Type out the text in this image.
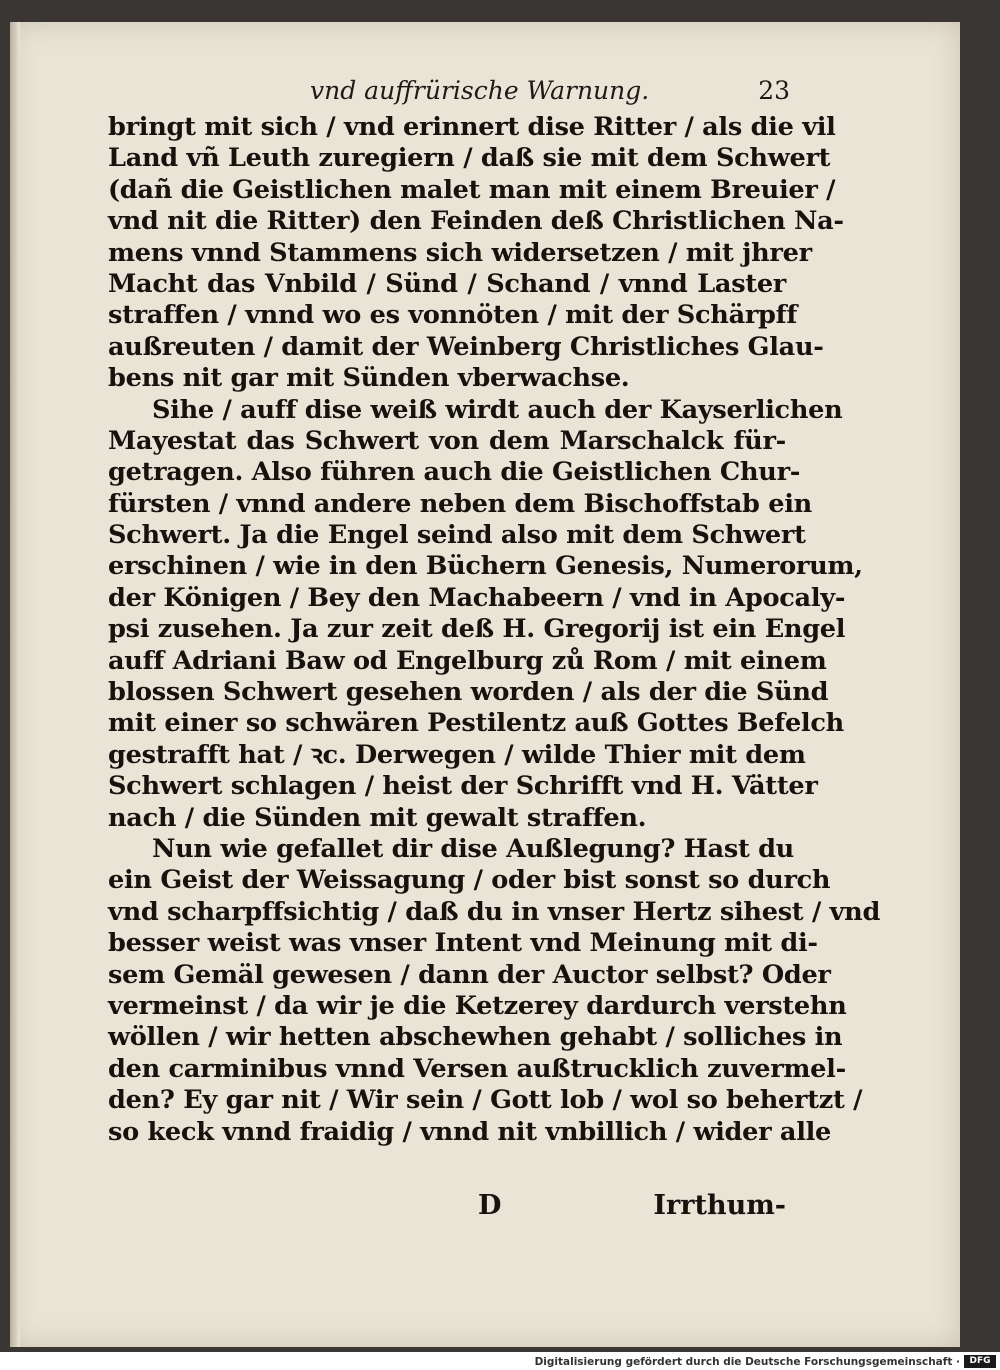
vnd auffrürische Warnung.	23
bringt mit sich / vnd erinnert dise Ritter / als die vil
Land vñ Leuth zuregiern / daß sie mit dem Schwert
(dañ die Geistlichen malet man mit einem Breuier /
vnd nit die Ritter) den Feinden deß Christlichen Na-
mens vnnd Stammens sich widersetzen / mit jhrer
Macht das Vnbild / Sünd / Schand / vnnd Laster
straffen / vnnd wo es vonnöten / mit der Schärpff
außreuten / damit der Weinberg Christliches Glau-
bens nit gar mit Sünden vberwachse.
Sihe / auff dise weiß wirdt auch der Kayserlichen
Mayestat das Schwert von dem Marschalck für-
getragen. Also führen auch die Geistlichen Chur-
fürsten / vnnd andere neben dem Bischoffstab ein
Schwert. Ja die Engel seind also mit dem Schwert
erschinen / wie in den Büchern Genesis, Numerorum,
der Königen / Bey den Machabeern / vnd in Apocaly-
psi zusehen. Ja zur zeit deß H. Gregorij ist ein Engel
auff Adriani Baw od Engelburg zů Rom / mit einem
blossen Schwert gesehen worden / als der die Sünd
mit einer so schwären Pestilentz auß Gottes Befelch
gestrafft hat / ꝛc. Derwegen / wilde Thier mit dem
Schwert schlagen / heist der Schrifft vnd H. Vätter
nach / die Sünden mit gewalt straffen.
Nun wie gefallet dir dise Außlegung? Hast du
ein Geist der Weissagung / oder bist sonst so durch
vnd scharpffsichtig / daß du in vnser Hertz sihest / vnd
besser weist was vnser Intent vnd Meinung mit di-
sem Gemäl gewesen / dann der Auctor selbst? Oder
vermeinst / da wir je die Ketzerey dardurch verstehn
wöllen / wir hetten abschewhen gehabt / solliches in
den carminibus vnnd Versen außtrucklich zuvermel-
den? Ey gar nit / Wir sein / Gott lob / wol so behertzt /
so keck vnnd fraidig / vnnd nit vnbillich / wider alle
D	Irrthum-
Digitalisierung gefördert durch die Deutsche Forschungsgemeinschaft ·	DFG
